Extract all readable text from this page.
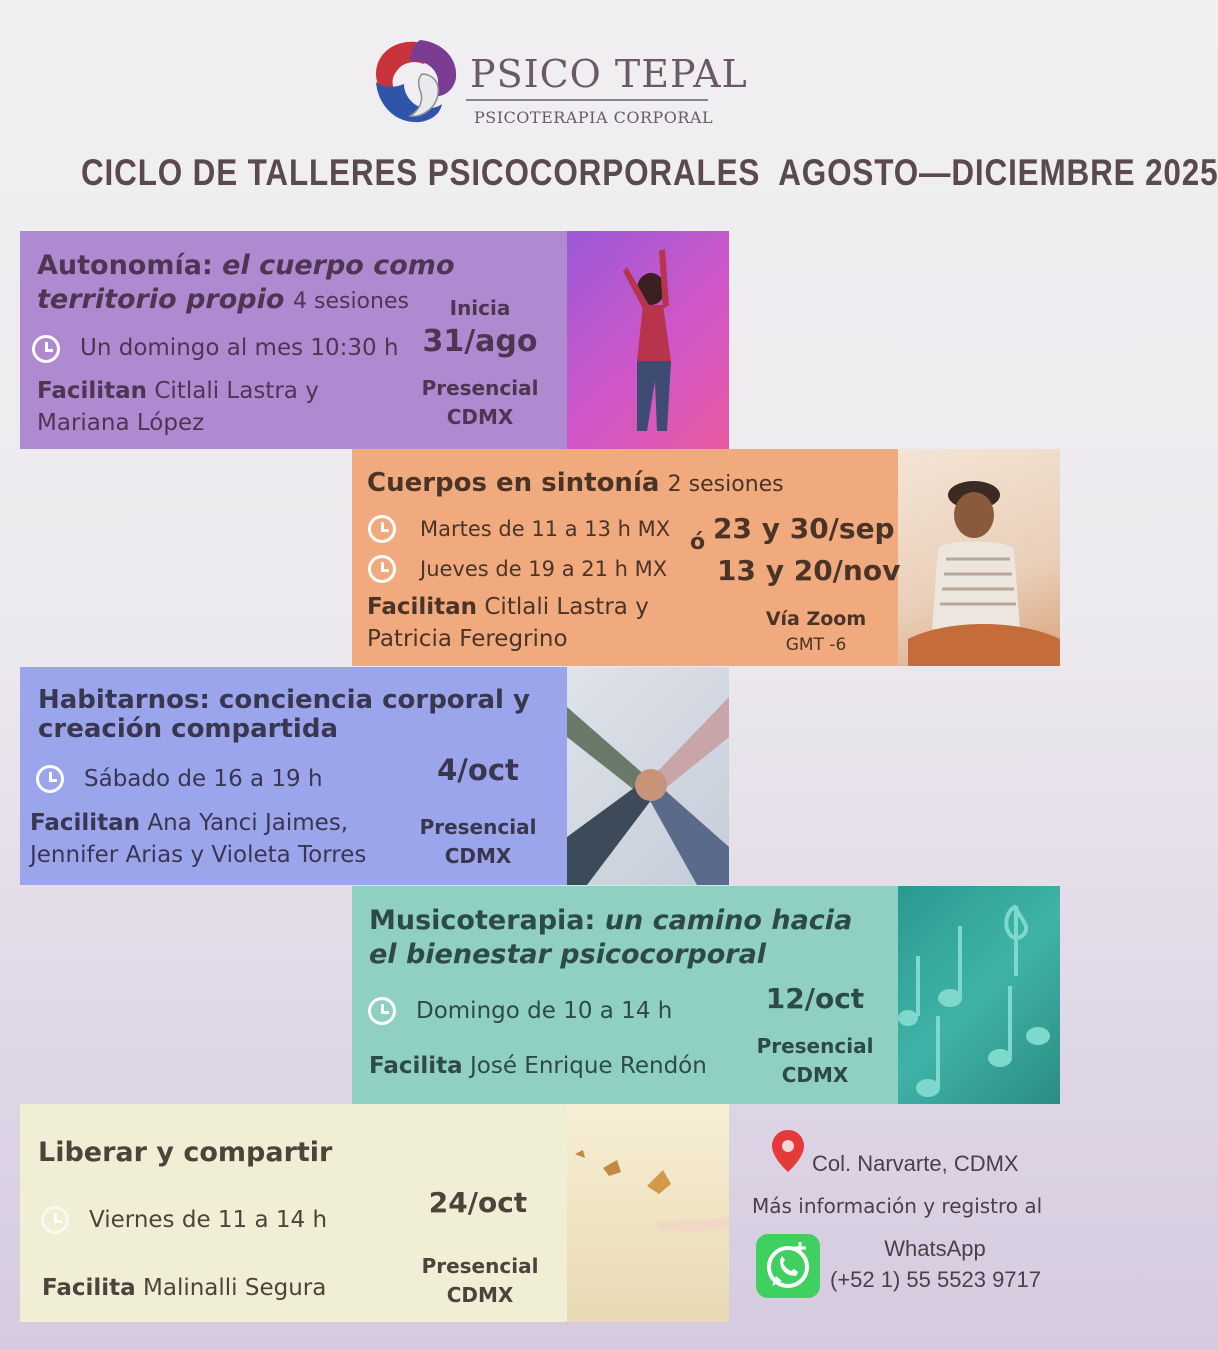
PSICO TEPAL
PSICOTERAPIA CORPORAL
CICLO DE TALLERES PSICOCORPORALES  AGOSTO—DICIEMBRE 2025
Autonomía: el cuerpo como
territorio propio 4 sesiones
Un domingo al mes 10:30 h
Facilitan Citlali Lastra y
Mariana López
Inicia
31/ago
Presencial
CDMX
Cuerpos en sintonía 2 sesiones
Martes de 11 a 13 h MX
Jueves de 19 a 21 h MX
ó 23 y 30/sep
13 y 20/nov
Facilitan Citlali Lastra y
Patricia Feregrino
Vía Zoom
GMT -6
Habitarnos: conciencia corporal y
creación compartida
Sábado de 16 a 19 h	4/oct
Facilitan Ana Yanci Jaimes,
Jennifer Arias y Violeta Torres
Presencial
CDMX
Musicoterapia: un camino hacia
el bienestar psicocorporal
Domingo de 10 a 14 h	12/oct
Facilita José Enrique Rendón
Presencial
CDMX
Liberar y compartir
Viernes de 11 a 14 h
24/oct
Facilita Malinalli Segura
Presencial
CDMX
Col. Narvarte, CDMX
Más información y registro al
WhatsApp
(+52 1) 55 5523 9717
